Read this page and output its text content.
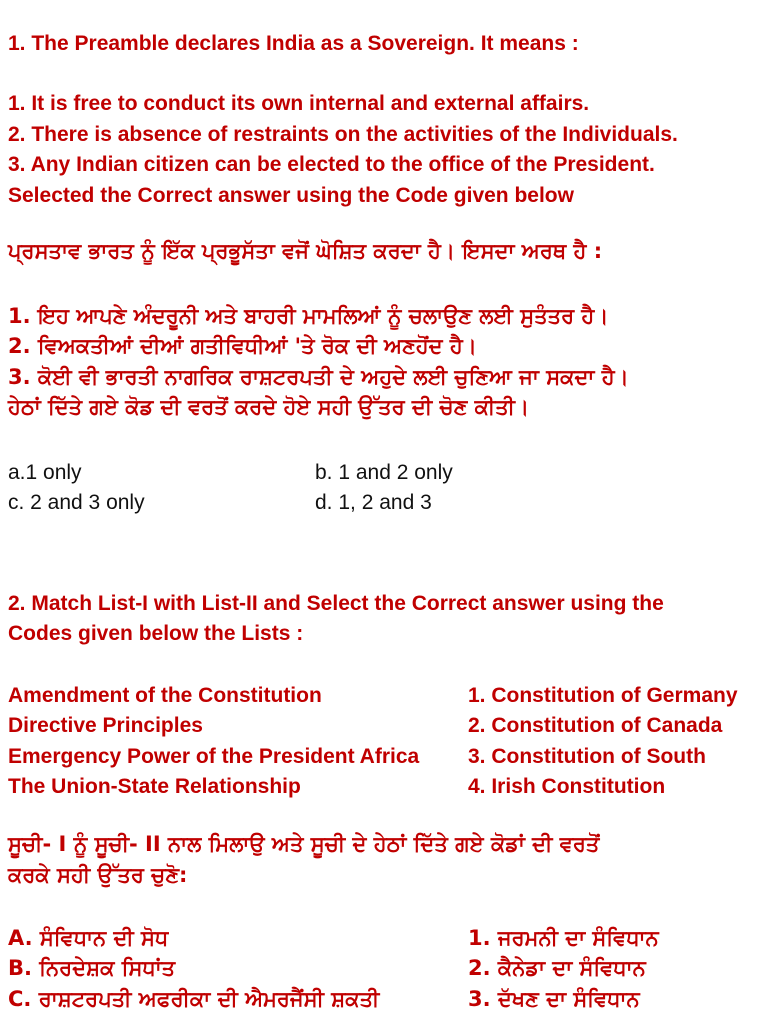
1. The Preamble declares India as a Sovereign. It means :
1. It is free to conduct its own internal and external affairs.
2. There is absence of restraints on the activities of the Individuals.
3. Any Indian citizen can be elected to the office of the President.
Selected the Correct answer using the Code given below
ਪ੍ਰਸਤਾਵ ਭਾਰਤ ਨੂੰ ਇੱਕ ਪ੍ਰਭੂਸੱਤਾ ਵਜੋਂ ਘੋਸ਼ਿਤ ਕਰਦਾ ਹੈ। ਇਸਦਾ ਅਰਥ ਹੈ :
1. ਇਹ ਆਪਣੇ ਅੰਦਰੂਨੀ ਅਤੇ ਬਾਹਰੀ ਮਾਮਲਿਆਂ ਨੂੰ ਚਲਾਉਣ ਲਈ ਸੁਤੰਤਰ ਹੈ।
2. ਵਿਅਕਤੀਆਂ ਦੀਆਂ ਗਤੀਵਿਧੀਆਂ 'ਤੇ ਰੋਕ ਦੀ ਅਣਹੋਂਦ ਹੈ।
3. ਕੋਈ ਵੀ ਭਾਰਤੀ ਨਾਗਰਿਕ ਰਾਸ਼ਟਰਪਤੀ ਦੇ ਅਹੁਦੇ ਲਈ ਚੁਣਿਆ ਜਾ ਸਕਦਾ ਹੈ।
ਹੇਠਾਂ ਦਿੱਤੇ ਗਏ ਕੋਡ ਦੀ ਵਰਤੋਂ ਕਰਦੇ ਹੋਏ ਸਹੀ ਉੱਤਰ ਦੀ ਚੋਣ ਕੀਤੀ।
a.1 only	b. 1 and 2 only
c. 2 and 3 only	d. 1, 2 and 3
2. Match List-I with List-II and Select the Correct answer using the
Codes given below the Lists :
Amendment of the Constitution	1. Constitution of Germany
Directive Principles	2. Constitution of Canada
Emergency Power of the President Africa 3. Constitution of South
The Union-State Relationship	4. Irish Constitution
ਸੂਚੀ- I ਨੂੰ ਸੂਚੀ- II ਨਾਲ ਮਿਲਾਉ ਅਤੇ ਸੂਚੀ ਦੇ ਹੇਠਾਂ ਦਿੱਤੇ ਗਏ ਕੋਡਾਂ ਦੀ ਵਰਤੋਂ
ਕਰਕੇ ਸਹੀ ਉੱਤਰ ਚੁਣੋ:
A. ਸੰਵਿਧਾਨ ਦੀ ਸੋਧ	1. ਜਰਮਨੀ ਦਾ ਸੰਵਿਧਾਨ
B. ਨਿਰਦੇਸ਼ਕ ਸਿਧਾਂਤ	2. ਕੈਨੇਡਾ ਦਾ ਸੰਵਿਧਾਨ
C. ਰਾਸ਼ਟਰਪਤੀ ਅਫਰੀਕਾ ਦੀ ਐਮਰਜੈਂਸੀ ਸ਼ਕਤੀ	3. ਦੱਖਣ ਦਾ ਸੰਵਿਧਾਨ
